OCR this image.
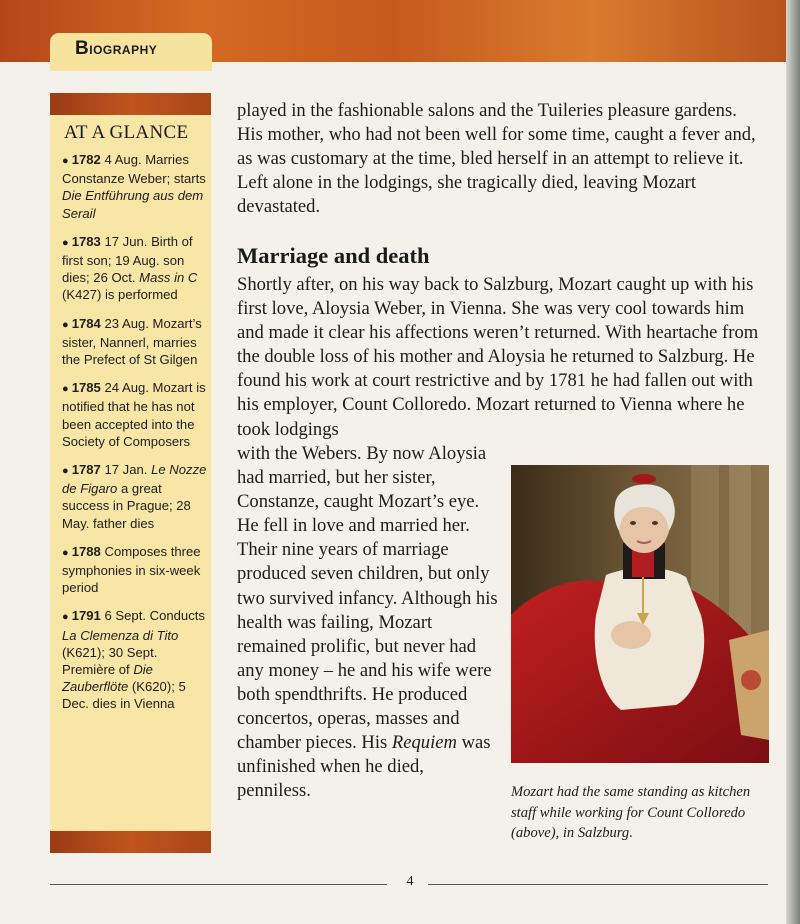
Biography
AT A GLANCE
● 1782 4 Aug. Marries Constanze Weber; starts Die Entführung aus dem Serail
● 1783 17 Jun. Birth of first son; 19 Aug. son dies; 26 Oct. Mass in C (K427) is performed
● 1784 23 Aug. Mozart’s sister, Nannerl, marries the Prefect of St Gilgen
● 1785 24 Aug. Mozart is notified that he has not been accepted into the Society of Composers
● 1787 17 Jan. Le Nozze de Figaro a great success in Prague; 28 May. father dies
● 1788 Composes three symphonies in six-week period
● 1791 6 Sept. Conducts La Clemenza di Tito (K621); 30 Sept. Première of Die Zauberflöte (K620); 5 Dec. dies in Vienna
played in the fashionable salons and the Tuileries pleasure gardens. His mother, who had not been well for some time, caught a fever and, as was customary at the time, bled herself in an attempt to relieve it. Left alone in the lodgings, she tragically died, leaving Mozart devastated.
Marriage and death
Shortly after, on his way back to Salzburg, Mozart caught up with his first love, Aloysia Weber, in Vienna. She was very cool towards him and made it clear his affections weren’t returned. With heartache from the double loss of his mother and Aloysia he returned to Salzburg. He found his work at court restrictive and by 1781 he had fallen out with his employer, Count Colloredo. Mozart returned to Vienna where he took lodgings
with the Webers. By now Aloysia had married, but her sister, Constanze, caught Mozart’s eye. He fell in love and married her. Their nine years of marriage produced seven children, but only two survived infancy. Although his health was failing, Mozart remained prolific, but never had any money – he and his wife were both spendthrifts. He produced concertos, operas, masses and chamber pieces. His Requiem was unfinished when he died, penniless.	Mozart had the same standing as kitchen staff while working for Count Colloredo (above), in Salzburg.
4
